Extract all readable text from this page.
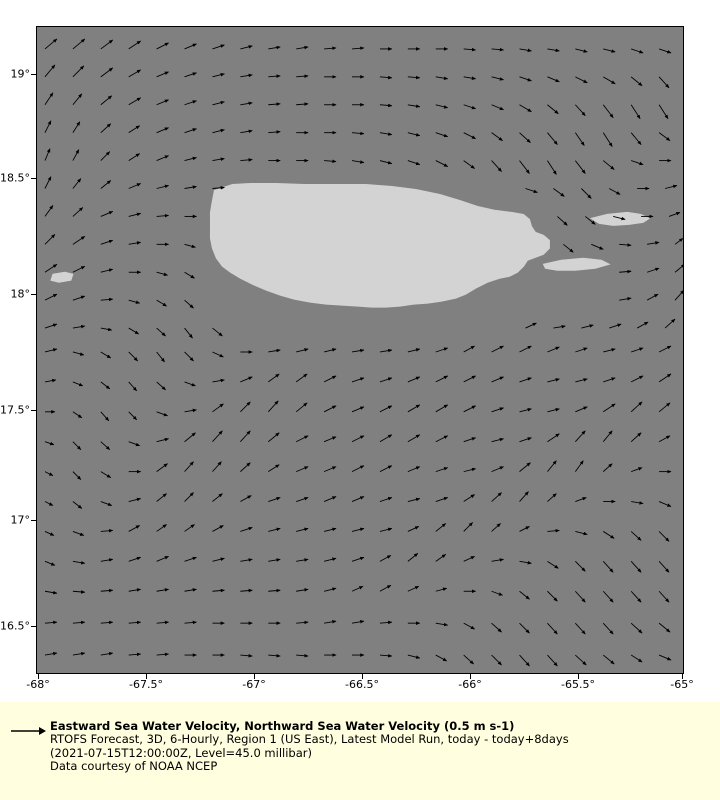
19°
18.5°
18°
17.5°
17°
16.5°
-68°	-67.5°	-67°	-66.5°	-66°	-65.5°	-65°
Eastward Sea Water Velocity, Northward Sea Water Velocity (0.5 m s-1)
RTOFS Forecast, 3D, 6-Hourly, Region 1 (US East), Latest Model Run, today - today+8days
(2021-07-15T12:00:00Z, Level=45.0 millibar)
Data courtesy of NOAA NCEP
